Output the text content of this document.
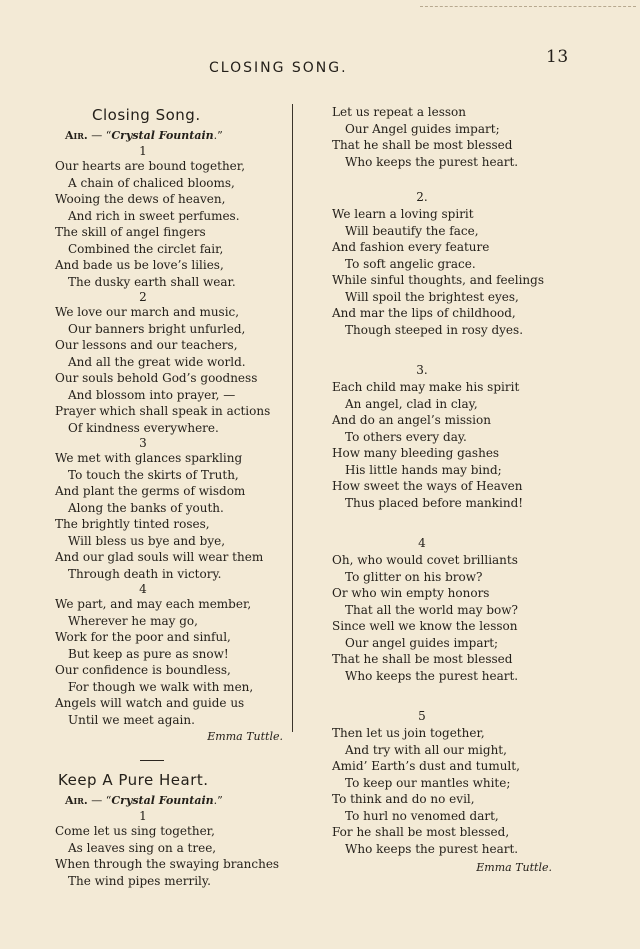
13
CLOSING SONG.
Closing Song.
Air. — “Crystal Fountain.”
1
Our hearts are bound together,
A chain of chaliced blooms,
Wooing the dews of heaven,
And rich in sweet perfumes.
The skill of angel fingers
Combined the circlet fair,
And bade us be love’s lilies,
The dusky earth shall wear.
2
We love our march and music,
Our banners bright unfurled,
Our lessons and our teachers,
And all the great wide world.
Our souls behold God’s goodness
And blossom into prayer, —
Prayer which shall speak in actions
Of kindness everywhere.
3
We met with glances sparkling
To touch the skirts of Truth,
And plant the germs of wisdom
Along the banks of youth.
The brightly tinted roses,
Will bless us bye and bye,
And our glad souls will wear them
Through death in victory.
4
We part, and may each member,
Wherever he may go,
Work for the poor and sinful,
But keep as pure as snow!
Our confidence is boundless,
For though we walk with men,
Angels will watch and guide us
Until we meet again.
Emma Tuttle.
Keep A Pure Heart.
Air. — “Crystal Fountain.”
1
Come let us sing together,
As leaves sing on a tree,
When through the swaying branches
The wind pipes merrily.
Let us repeat a lesson
Our Angel guides impart;
That he shall be most blessed
Who keeps the purest heart.
2.
We learn a loving spirit
Will beautify the face,
And fashion every feature
To soft angelic grace.
While sinful thoughts, and feelings
Will spoil the brightest eyes,
And mar the lips of childhood,
Though steeped in rosy dyes.
3.
Each child may make his spirit
An angel, clad in clay,
And do an angel’s mission
To others every day.
How many bleeding gashes
His little hands may bind;
How sweet the ways of Heaven
Thus placed before mankind!
4
Oh, who would covet brilliants
To glitter on his brow?
Or who win empty honors
That all the world may bow?
Since well we know the lesson
Our angel guides impart;
That he shall be most blessed
Who keeps the purest heart.
5
Then let us join together,
And try with all our might,
Amid’ Earth’s dust and tumult,
To keep our mantles white;
To think and do no evil,
To hurl no venomed dart,
For he shall be most blessed,
Who keeps the purest heart.
Emma Tuttle.
